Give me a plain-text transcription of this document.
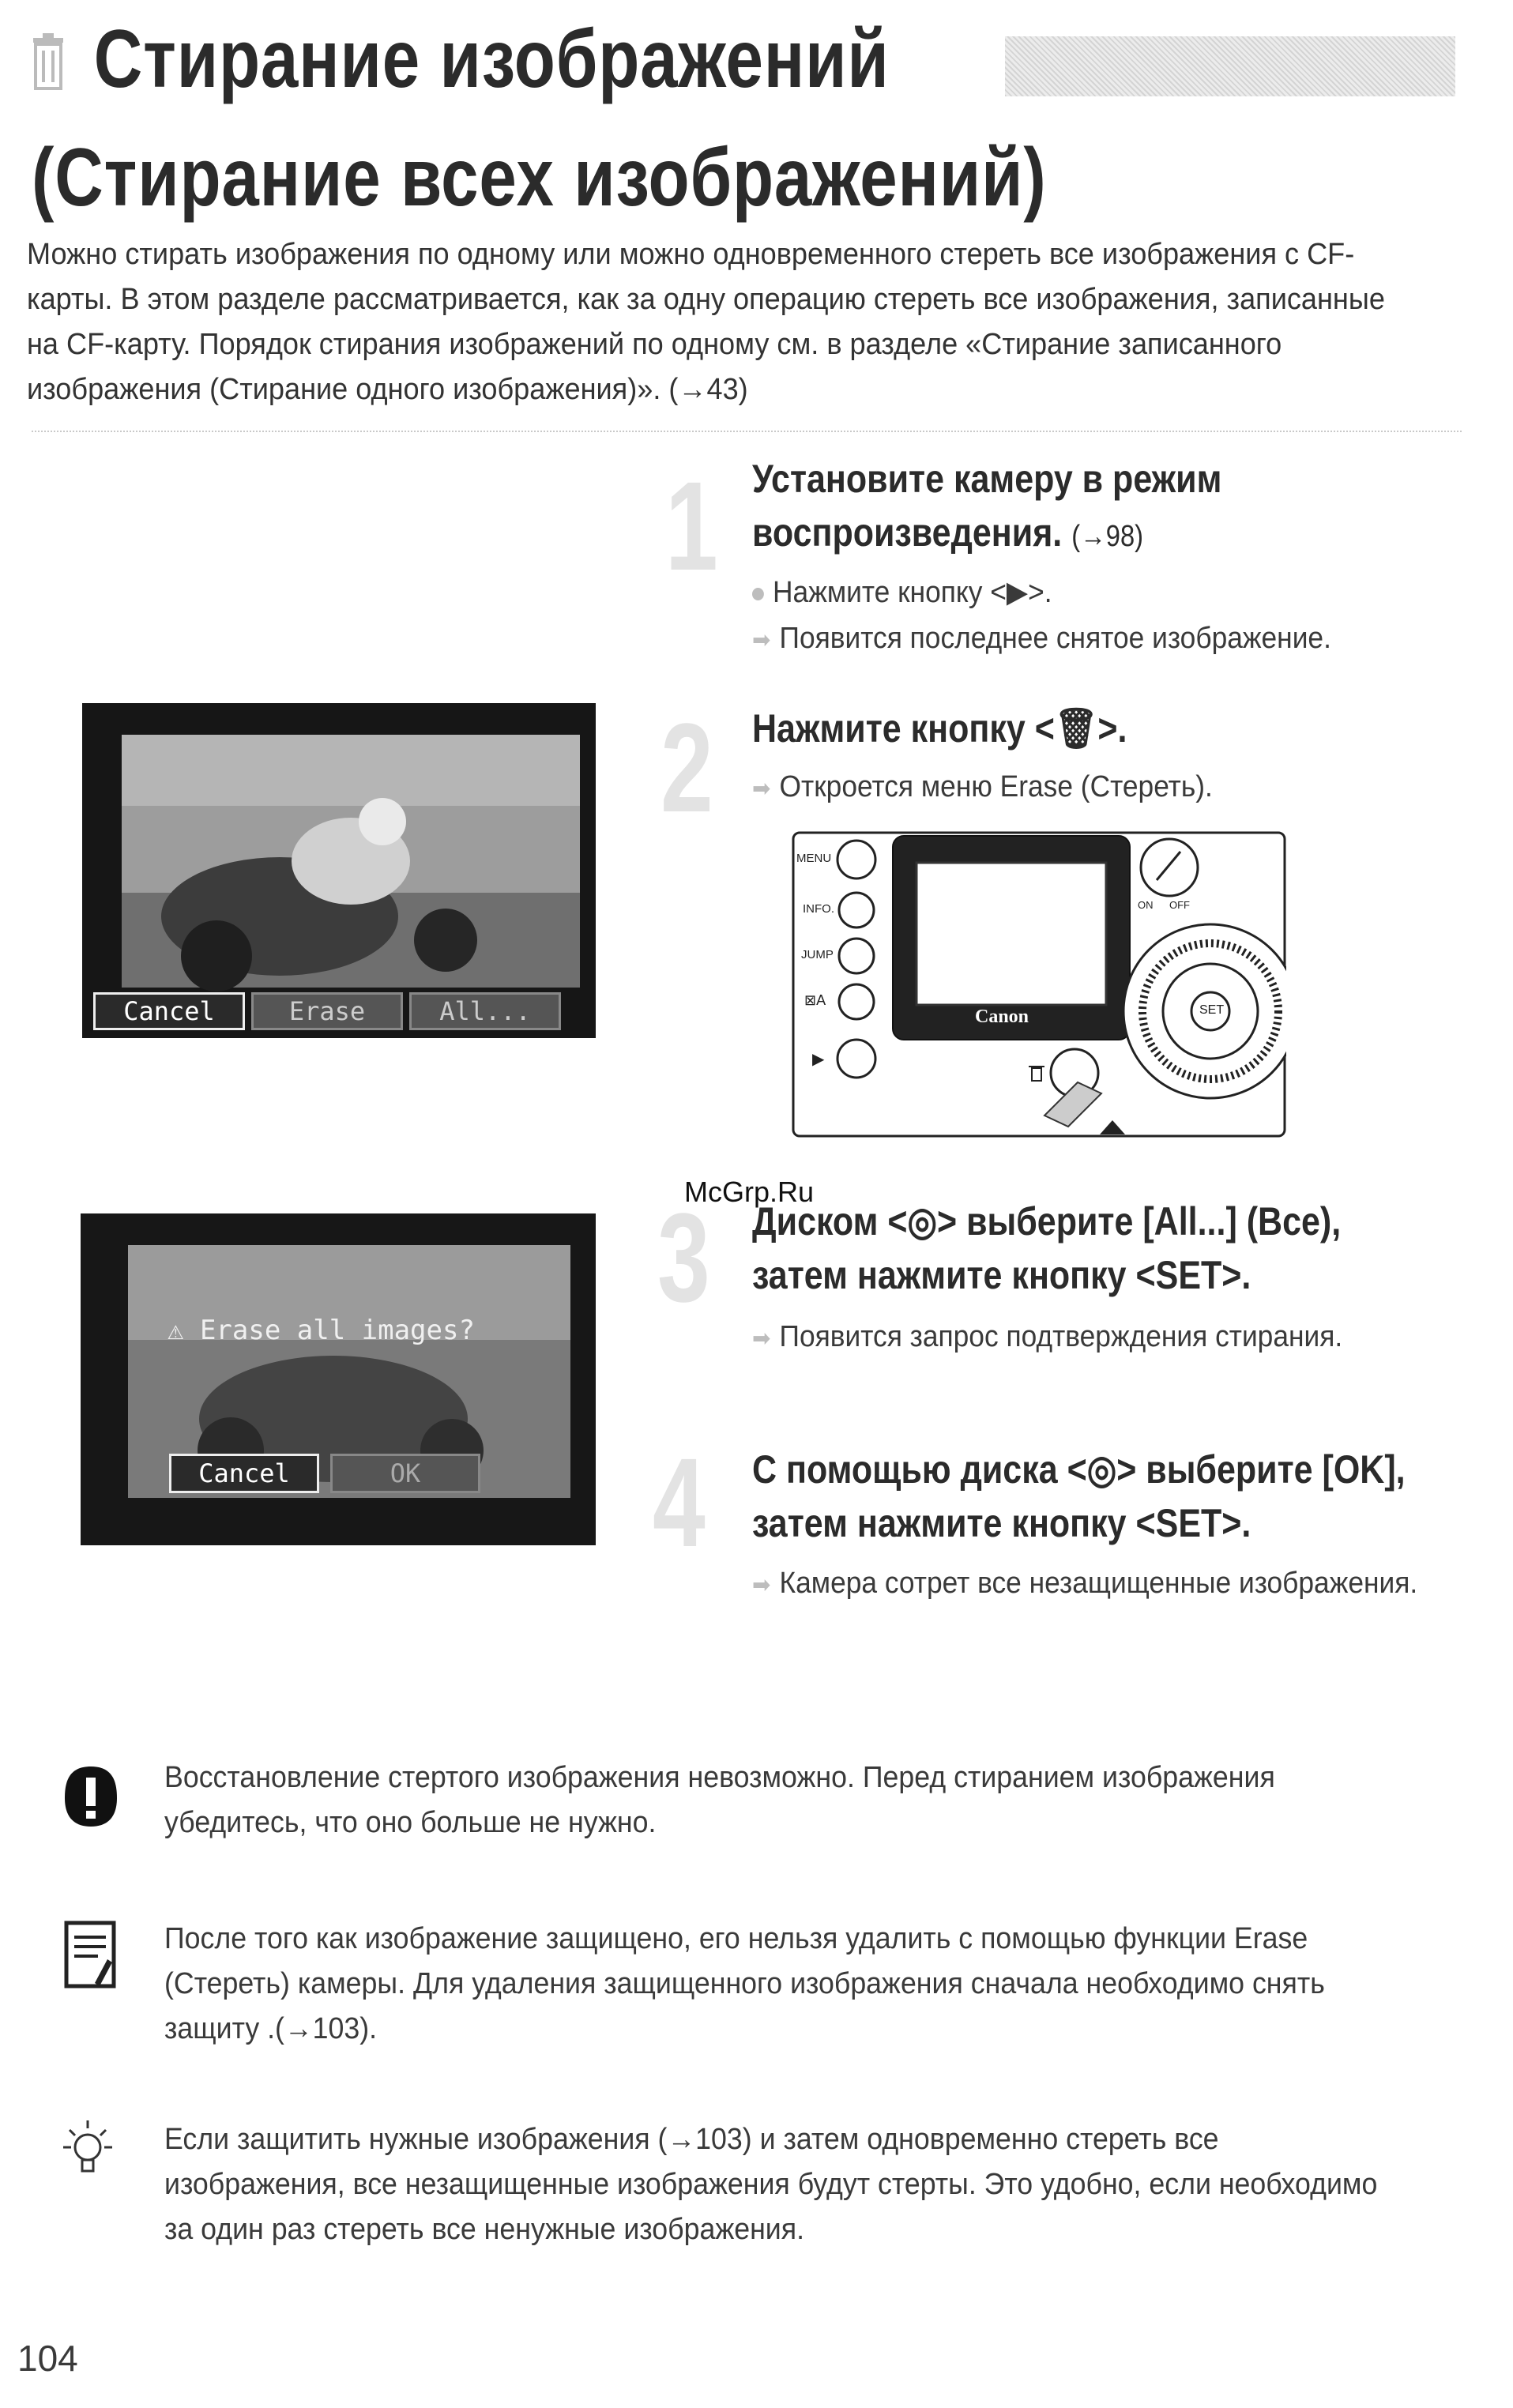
Стирание изображений
(Стирание всех изображений)

Можно стирать изображения по одному или можно одновременного стереть все изображения с CF-карты. В этом разделе рассматривается, как за одну операцию стереть все изображения, записанные на CF-карту. Порядок стирания изображений по одному см. в разделе «Стирание записанного изображения (Стирание одного изображения)». (→43)

1 Установите камеру в режим
воспроизведения. (→98)
Нажмите кнопку <▶>.
➡ Появится последнее снятое изображение.
2 Нажмите кнопку <🗑>.
➡ Откроется меню Erase (Стереть).
Cancel	Erase	All...
MENU
INFO.
JUMP
⊠A
▶
Canon	SET
ON OFF
3 Диском <◎> выберите [All...] (Все),
затем нажмите кнопку <SET>.
➡ Появится запрос подтверждения стирания.
⚠ Erase all images?
Cancel	OK	4 С помощью диска <◎> выберите [OK],
затем нажмите кнопку <SET>.
➡ Камера сотрет все незащищенные изображения.
McGrp.Ru
Восстановление стертого изображения невозможно. Перед стиранием изображения убедитесь, что оно больше не нужно.
После того как изображение защищено, его нельзя удалить с помощью функции Erase (Стереть) камеры. Для удаления защищенного изображения сначала необходимо снять защиту .(→103).
Если защитить нужные изображения (→103) и затем одновременно стереть все изображения, все незащищенные изображения будут стерты. Это удобно, если необходимо за один раз стереть все ненужные изображения.
104
